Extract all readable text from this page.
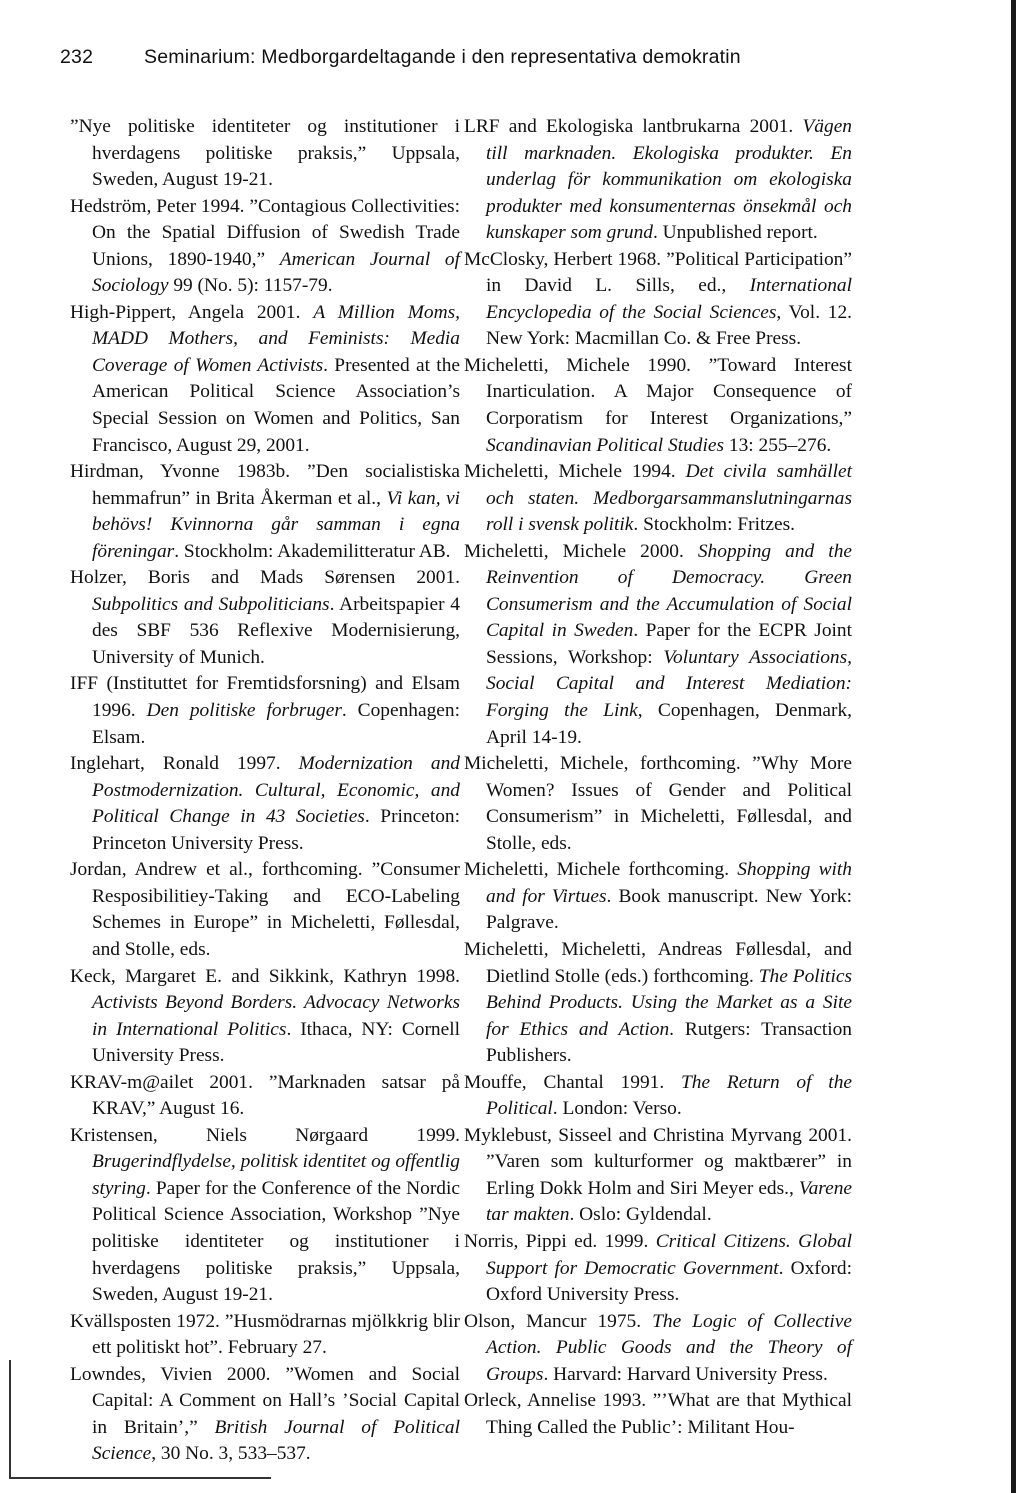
232	Seminarium: Medborgardeltagande i den representativa demokratin

”Nye politiske identiteter og institutioner i hverdagens politiske praksis,” Uppsala, Sweden, August 19-21.

Hedström, Peter 1994. ”Contagious Collectivities: On the Spatial Diffusion of Swedish Trade Unions, 1890-1940,” American Journal of Sociology 99 (No. 5): 1157-79.

High-Pippert, Angela 2001. A Million Moms, MADD Mothers, and Feminists: Media Coverage of Women Activists. Presented at the American Political Science Association’s Special Session on Women and Politics, San Francisco, August 29, 2001.

Hirdman, Yvonne 1983b. ”Den socialistiska hemmafrun” in Brita Åkerman et al., Vi kan, vi behövs! Kvinnorna går samman i egna föreningar. Stockholm: Akademilitteratur AB.

Holzer, Boris and Mads Sørensen 2001. Subpolitics and Subpoliticians. Arbeitspapier 4 des SBF 536 Reflexive Modernisierung, University of Munich.

IFF (Instituttet for Fremtidsforsning) and Elsam 1996. Den politiske forbruger. Copenhagen: Elsam.

Inglehart, Ronald 1997. Modernization and Postmodernization. Cultural, Economic, and Political Change in 43 Societies. Princeton: Princeton University Press.

Jordan, Andrew et al., forthcoming. ”Consumer Resposibilitiey-Taking and ECO-Labeling Schemes in Europe” in Micheletti, Føllesdal, and Stolle, eds.

Keck, Margaret E. and Sikkink, Kathryn 1998. Activists Beyond Borders. Advocacy Networks in International Politics. Ithaca, NY: Cornell University Press.

KRAV-m@ailet 2001. ”Marknaden satsar på KRAV,” August 16.

Kristensen, Niels Nørgaard 1999. Brugerindflydelse, politisk identitet og offentlig styring. Paper for the Conference of the Nordic Political Science Association, Workshop ”Nye politiske identiteter og institutioner i hverdagens politiske praksis,” Uppsala, Sweden, August 19-21.

Kvällsposten 1972. ”Husmödrarnas mjölkkrig blir ett politiskt hot”. February 27.

Lowndes, Vivien 2000. ”Women and Social Capital: A Comment on Hall’s ’Social Capital in Britain’,” British Journal of Political Science, 30 No. 3, 533–537.

LRF and Ekologiska lantbrukarna 2001. Vägen till marknaden. Ekologiska produkter. En underlag för kommunikation om ekologiska produkter med konsumenternas önsekmål och kunskaper som grund. Unpublished report.

McClosky, Herbert 1968. ”Political Participation” in David L. Sills, ed., International Encyclopedia of the Social Sciences, Vol. 12. New York: Macmillan Co. & Free Press.

Micheletti, Michele 1990. ”Toward Interest Inarticulation. A Major Consequence of Corporatism for Interest Organizations,” Scandinavian Political Studies 13: 255–276.

Micheletti, Michele 1994. Det civila samhället och staten. Medborgarsammanslutningarnas roll i svensk politik. Stockholm: Fritzes.

Micheletti, Michele 2000. Shopping and the Reinvention of Democracy. Green Consumerism and the Accumulation of Social Capital in Sweden. Paper for the ECPR Joint Sessions, Workshop: Voluntary Associations, Social Capital and Interest Mediation: Forging the Link, Copenhagen, Denmark, April 14-19.

Micheletti, Michele, forthcoming. ”Why More Women? Issues of Gender and Political Consumerism” in Micheletti, Føllesdal, and Stolle, eds.

Micheletti, Michele forthcoming. Shopping with and for Virtues. Book manuscript. New York: Palgrave.

Micheletti, Micheletti, Andreas Føllesdal, and Dietlind Stolle (eds.) forthcoming. The Politics Behind Products. Using the Market as a Site for Ethics and Action. Rutgers: Transaction Publishers.

Mouffe, Chantal 1991. The Return of the Political. London: Verso.

Myklebust, Sisseel and Christina Myrvang 2001. ”Varen som kulturformer og maktbærer” in Erling Dokk Holm and Siri Meyer eds., Varene tar makten. Oslo: Gyldendal.

Norris, Pippi ed. 1999. Critical Citizens. Global Support for Democratic Government. Oxford: Oxford University Press.

Olson, Mancur 1975. The Logic of Collective Action. Public Goods and the Theory of Groups. Harvard: Harvard University Press.

Orleck, Annelise 1993. ”’What are that Mythical Thing Called the Public’: Militant Hou-
